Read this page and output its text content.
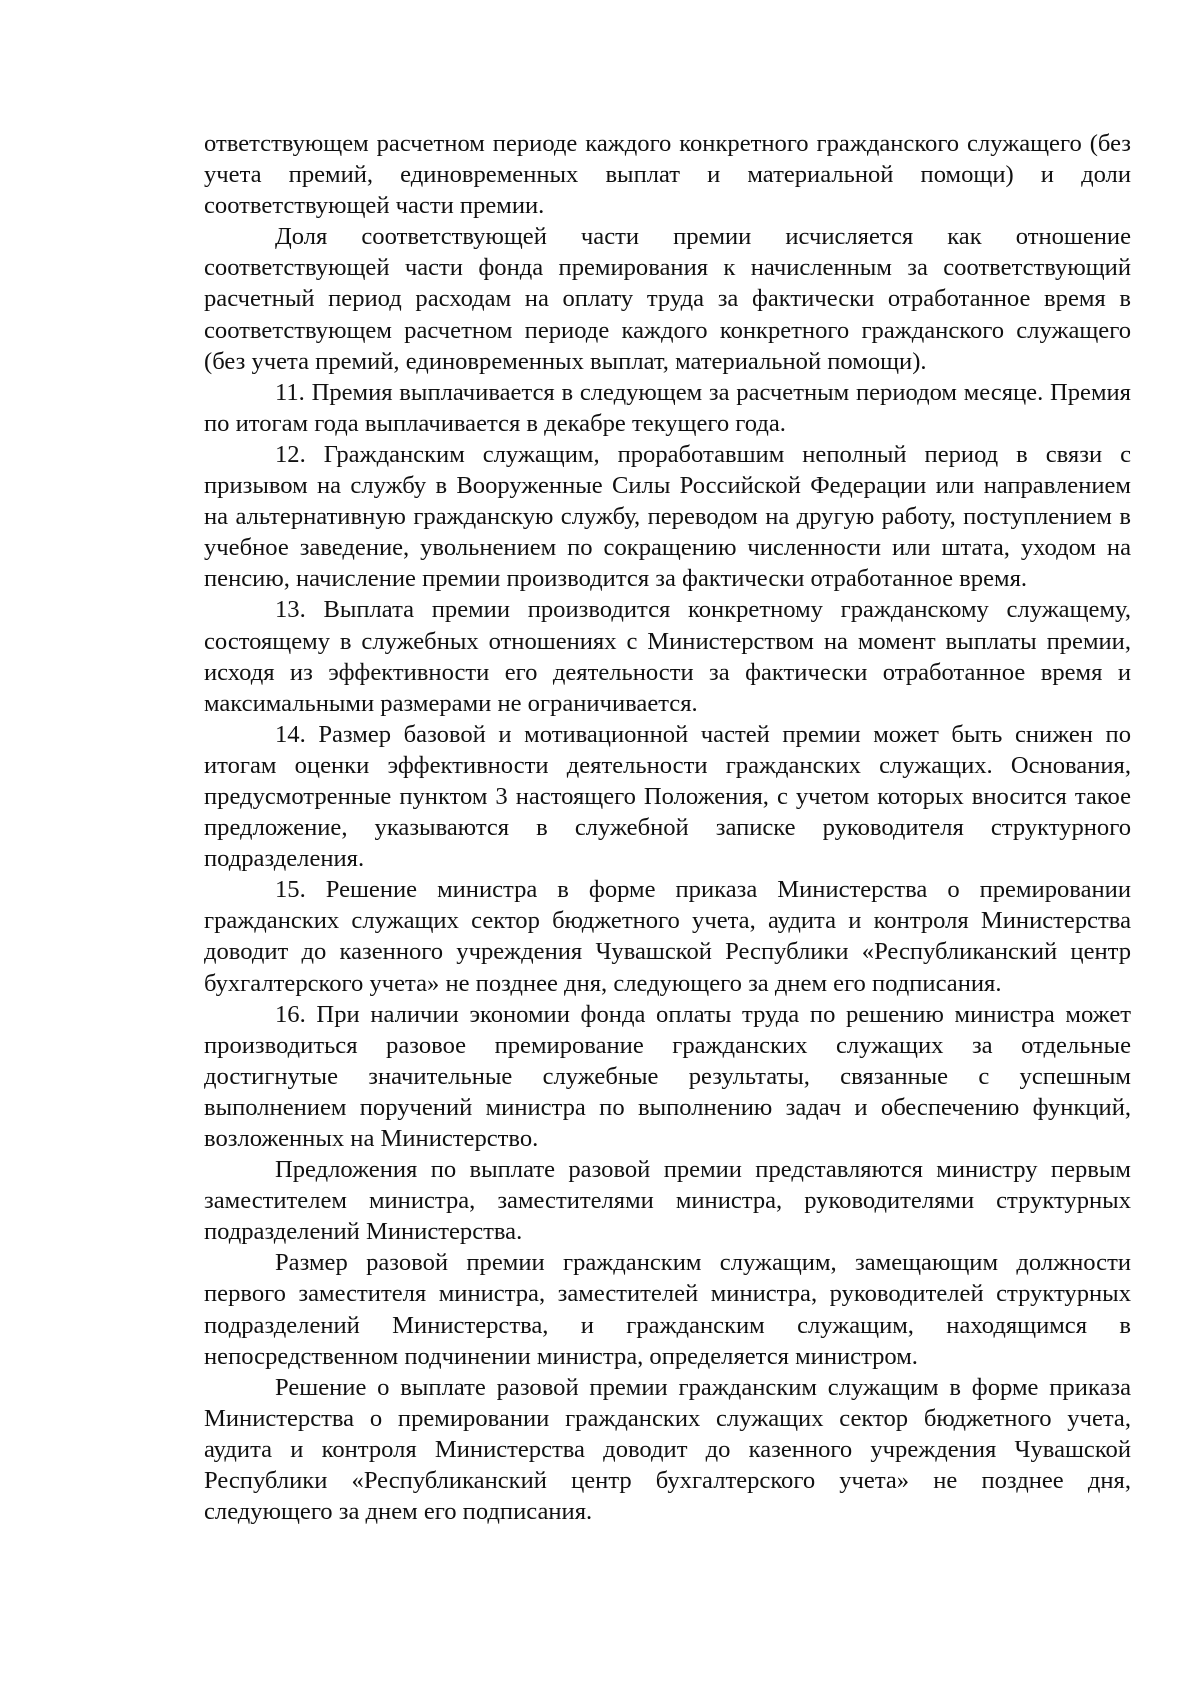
ответствующем расчетном периоде каждого конкретного гражданского служащего (без учета премий, единовременных выплат и материальной помощи) и доли соответствующей части премии.

Доля соответствующей части премии исчисляется как отношение соответствующей части фонда премирования к начисленным за соответствующий расчетный период расходам на оплату труда за фактически отработанное время в соответствующем расчетном периоде каждого конкретного гражданского служащего (без учета премий, единовременных выплат, материальной помощи).

11. Премия выплачивается в следующем за расчетным периодом месяце. Премия по итогам года выплачивается в декабре текущего года.

12. Гражданским служащим, проработавшим неполный период в связи с призывом на службу в Вооруженные Силы Российской Федерации или направлением на альтернативную гражданскую службу, переводом на другую работу, поступлением в учебное заведение, увольнением по сокращению численности или штата, уходом на пенсию, начисление премии производится за фактически отработанное время.

13. Выплата премии производится конкретному гражданскому служащему, состоящему в служебных отношениях с Министерством на момент выплаты премии, исходя из эффективности его деятельности за фактически отработанное время и максимальными размерами не ограничивается.

14. Размер базовой и мотивационной частей премии может быть снижен по итогам оценки эффективности деятельности гражданских служащих. Основания, предусмотренные пунктом 3 настоящего Положения, с учетом которых вносится такое предложение, указываются в служебной записке руководителя структурного подразделения.

15. Решение министра в форме приказа Министерства о премировании гражданских служащих сектор бюджетного учета, аудита и контроля Министерства доводит до казенного учреждения Чувашской Республики «Республиканский центр бухгалтерского учета» не позднее дня, следующего за днем его подписания.

16. При наличии экономии фонда оплаты труда по решению министра может производиться разовое премирование гражданских служащих за отдельные достигнутые значительные служебные результаты, связанные с успешным выполнением поручений министра по выполнению задач и обеспечению функций, возложенных на Министерство.

Предложения по выплате разовой премии представляются министру первым заместителем министра, заместителями министра, руководителями структурных подразделений Министерства.

Размер разовой премии гражданским служащим, замещающим должности первого заместителя министра, заместителей министра, руководителей структурных подразделений Министерства, и гражданским служащим, находящимся в непосредственном подчинении министра, определяется министром.

Решение о выплате разовой премии гражданским служащим в форме приказа Министерства о премировании гражданских служащих сектор бюджетного учета, аудита и контроля Министерства доводит до казенного учреждения Чувашской Республики «Республиканский центр бухгалтерского учета» не позднее дня, следующего за днем его подписания.
